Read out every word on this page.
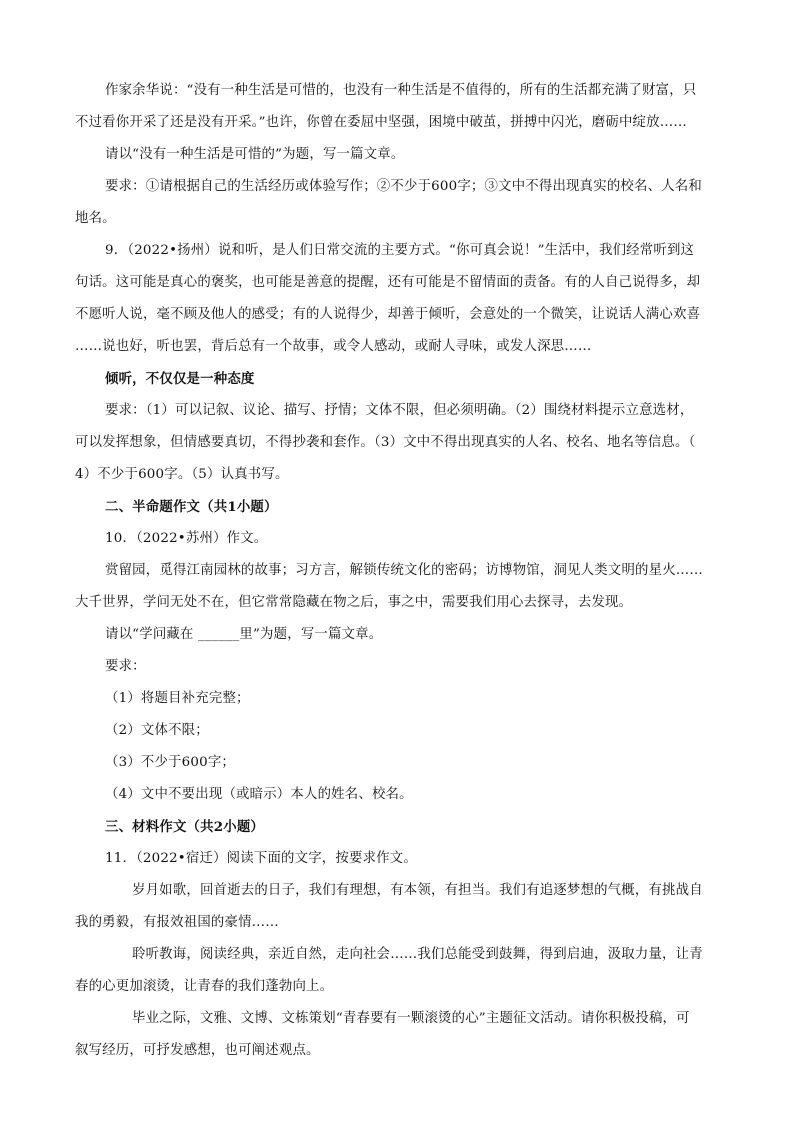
作家余华说：“没有一种生活是可惜的，也没有一种生活是不值得的，所有的生活都充满了财富，只
不过看你开采了还是没有开采。”也许，你曾在委屈中坚强，困境中破茧，拼搏中闪光，磨砺中绽放……
请以“没有一种生活是可惜的”为题，写一篇文章。
要求：①请根据自己的生活经历或体验写作；②不少于600字；③文中不得出现真实的校名、人名和
地名。
9．（2022•扬州）说和听，是人们日常交流的主要方式。“你可真会说！”生活中，我们经常听到这
句话。这可能是真心的褒奖，也可能是善意的提醒，还有可能是不留情面的责备。有的人自己说得多，却
不愿听人说，毫不顾及他人的感受；有的人说得少，却善于倾听，会意处的一个微笑，让说话人满心欢喜
……说也好，听也罢，背后总有一个故事，或令人感动，或耐人寻味，或发人深思……
倾听，不仅仅是一种态度
要求：（1）可以记叙、议论、描写、抒情；文体不限，但必须明确。（2）围绕材料提示立意选材，
可以发挥想象，但情感要真切，不得抄袭和套作。（3）文中不得出现真实的人名、校名、地名等信息。（
4）不少于600字。（5）认真书写。
二、半命题作文（共1小题）
10．（2022•苏州）作文。
赏留园，觅得江南园林的故事；习方言，解锁传统文化的密码；访博物馆，洞见人类文明的星火……
大千世界，学问无处不在，但它常常隐藏在物之后，事之中，需要我们用心去探寻，去发现。
请以“学问藏在 ______里”为题，写一篇文章。
要求：
（1）将题目补充完整；
（2）文体不限；
（3）不少于600字；
（4）文中不要出现（或暗示）本人的姓名、校名。
三、材料作文（共2小题）
11．（2022•宿迁）阅读下面的文字，按要求作文。
岁月如歌，回首逝去的日子，我们有理想，有本领，有担当。我们有追逐梦想的气概，有挑战自
我的勇毅，有报效祖国的豪情……
聆听教诲，阅读经典，亲近自然，走向社会……我们总能受到鼓舞，得到启迪，汲取力量，让青
春的心更加滚烫，让青春的我们蓬勃向上。
毕业之际，文雅、文博、文栋策划“青春要有一颗滚烫的心”主题征文活动。请你积极投稿，可
叙写经历，可抒发感想，也可阐述观点。
